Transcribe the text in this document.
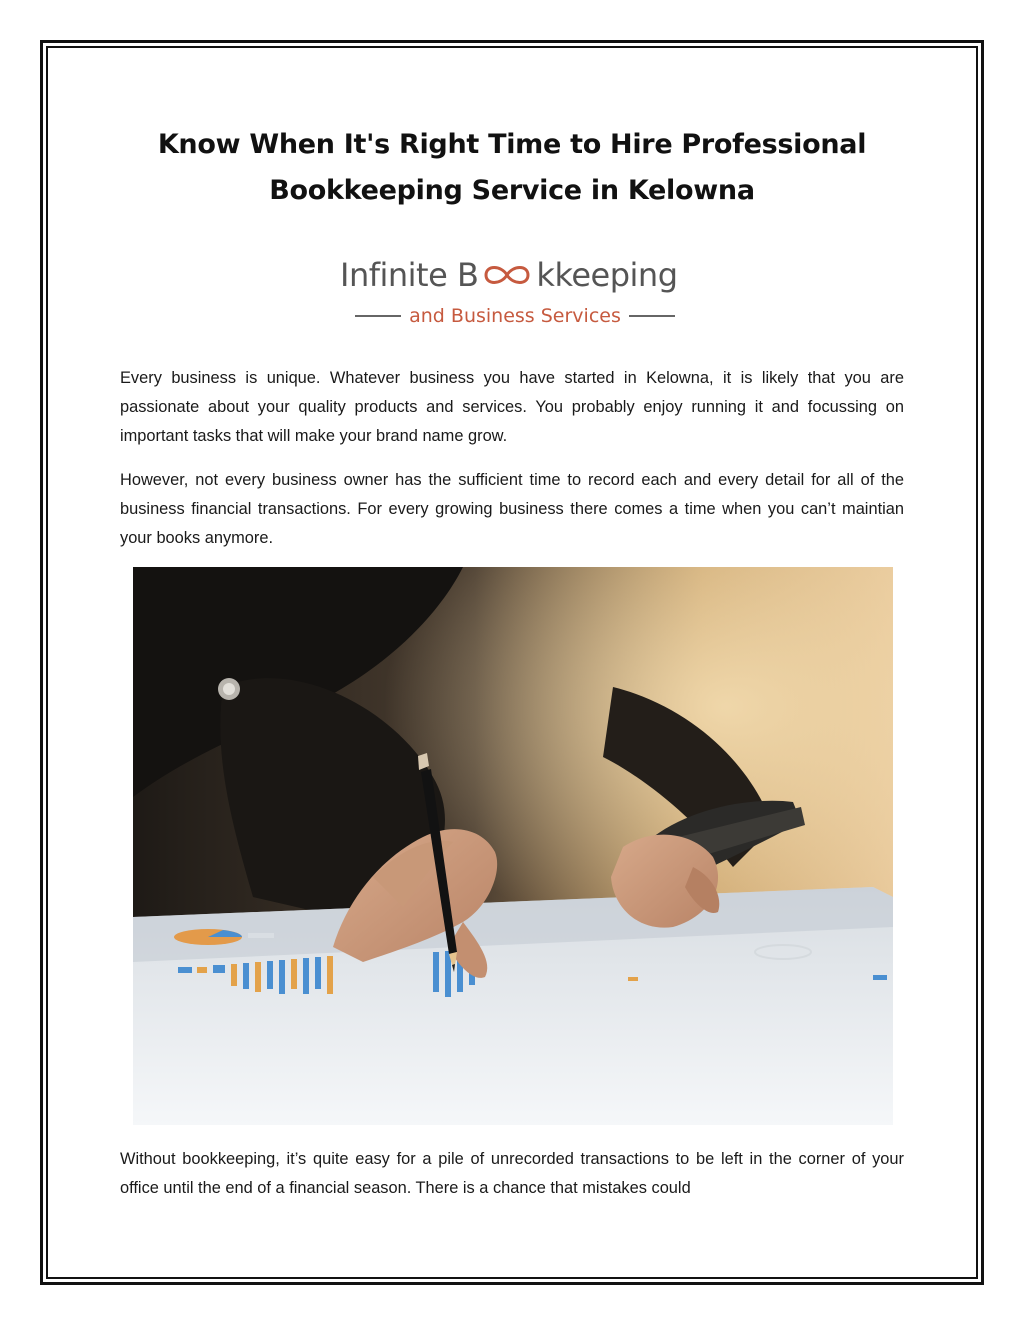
Know When It's Right Time to Hire Professional
Bookkeeping Service in Kelowna
Infinite B kkeeping
and Business Services

Every business is unique. Whatever business you have started in Kelowna, it is likely that you are passionate about your quality products and services. You probably enjoy running it and focussing on important tasks that will make your brand name grow.

However, not every business owner has the sufficient time to record each and every detail for all of the business financial transactions. For every growing business there comes a time when you can’t maintian your books anymore.

Without bookkeeping, it’s quite easy for a pile of unrecorded transactions to be left in the corner of your office until the end of a financial season. There is a chance that mistakes could
